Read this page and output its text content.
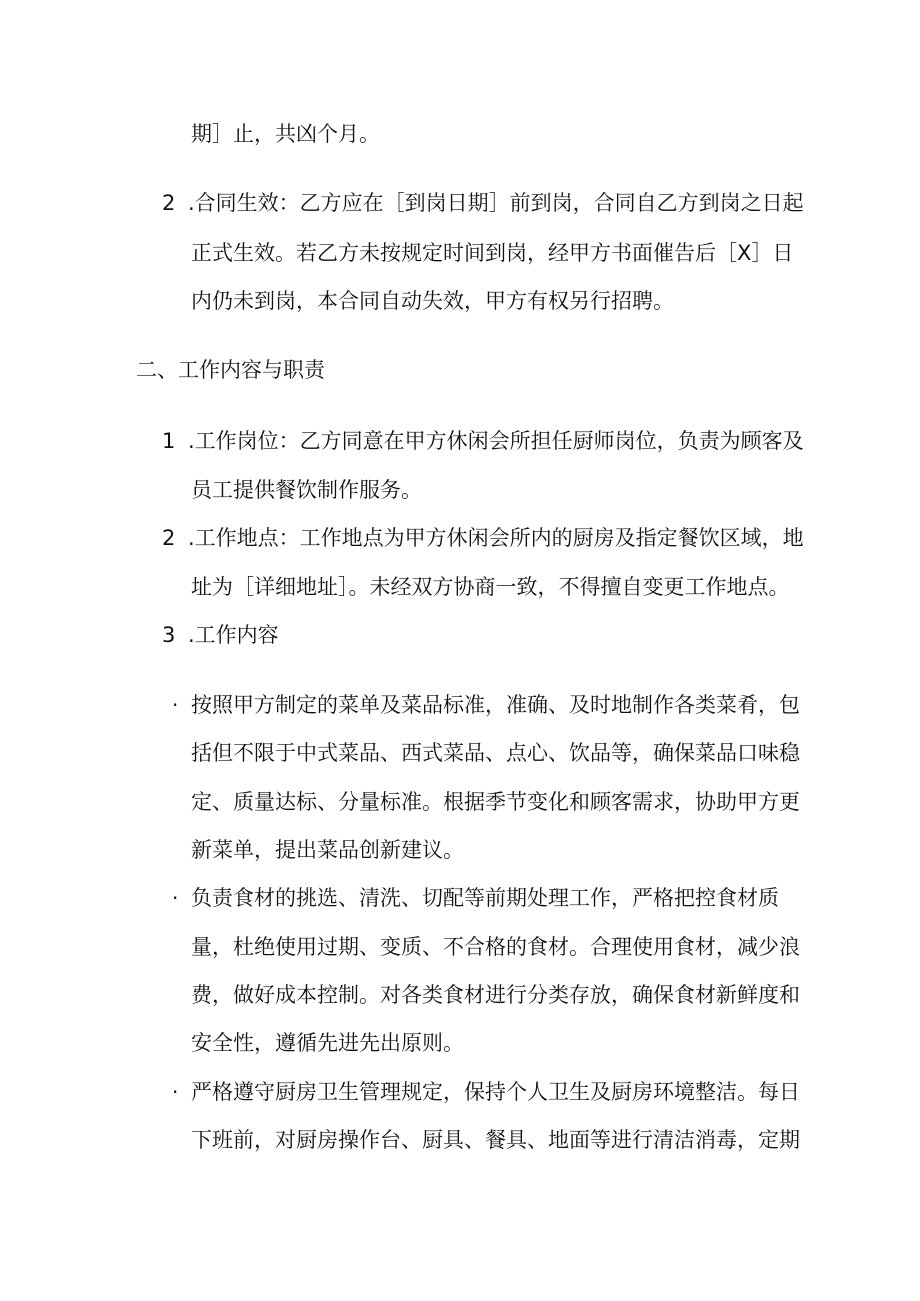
期］止，共凶个月。
2 .合同生效：乙方应在［到岗日期］前到岗，合同自乙方到岗之日起
正式生效。若乙方未按规定时间到岗，经甲方书面催告后［X］日
内仍未到岗，本合同自动失效，甲方有权另行招聘。
二、工作内容与职责
1 .工作岗位：乙方同意在甲方休闲会所担任厨师岗位，负责为顾客及
员工提供餐饮制作服务。
2 .工作地点：工作地点为甲方休闲会所内的厨房及指定餐饮区域，地
址为［详细地址］。未经双方协商一致，不得擅自变更工作地点。
3 .工作内容
· 按照甲方制定的菜单及菜品标准，准确、及时地制作各类菜肴，包
括但不限于中式菜品、西式菜品、点心、饮品等，确保菜品口味稳
定、质量达标、分量标准。根据季节变化和顾客需求，协助甲方更
新菜单，提出菜品创新建议。
· 负责食材的挑选、清洗、切配等前期处理工作，严格把控食材质
量，杜绝使用过期、变质、不合格的食材。合理使用食材，减少浪
费，做好成本控制。对各类食材进行分类存放，确保食材新鲜度和
安全性，遵循先进先出原则。
· 严格遵守厨房卫生管理规定，保持个人卫生及厨房环境整洁。每日
下班前，对厨房操作台、厨具、餐具、地面等进行清洁消毒，定期
